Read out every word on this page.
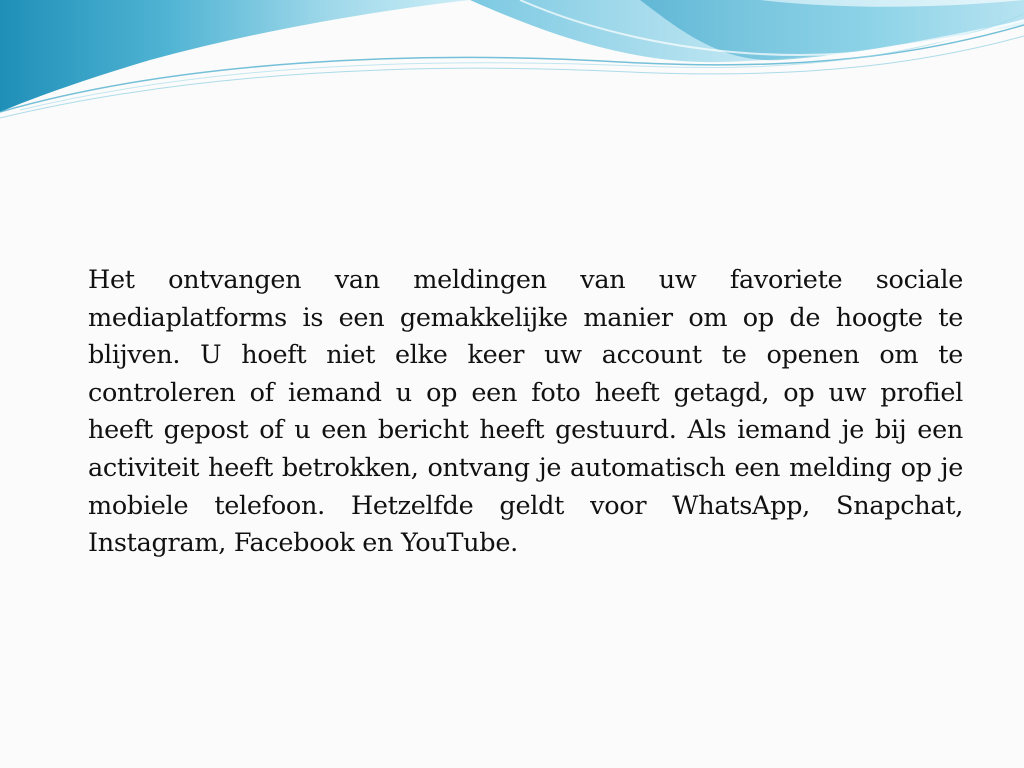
Het ontvangen van meldingen van uw favoriete sociale mediaplatforms is een gemakkelijke manier om op de hoogte te blijven. U hoeft niet elke keer uw account te openen om te controleren of iemand u op een foto heeft getagd, op uw profiel heeft gepost of u een bericht heeft gestuurd. Als iemand je bij een activiteit heeft betrokken, ontvang je automatisch een melding op je mobiele telefoon. Hetzelfde geldt voor WhatsApp, Snapchat, Instagram, Facebook en YouTube.
